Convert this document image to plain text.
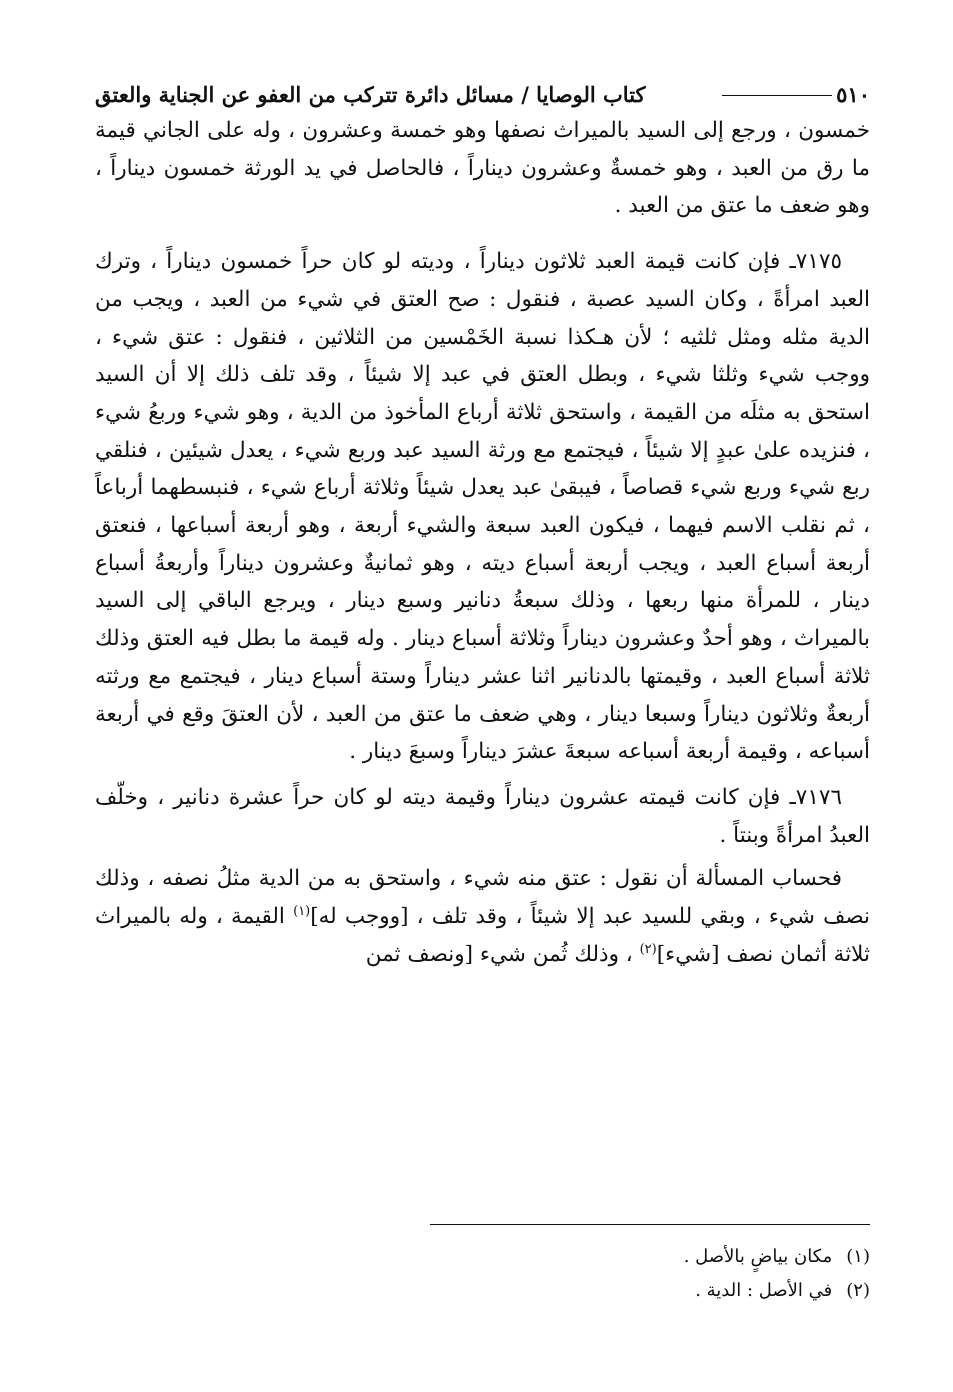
٥١٠
كتاب الوصايا / مسائل دائرة تتركب من العفو عن الجناية والعتق

خمسون ، ورجع إلى السيد بالميراث نصفها وهو خمسة وعشرون ، وله على الجاني قيمة ما رق من العبد ، وهو خمسةٌ وعشرون ديناراً ، فالحاصل في يد الورثة خمسون ديناراً ، وهو ضعف ما عتق من العبد .

٧١٧٥ـ فإن كانت قيمة العبد ثلاثون ديناراً ، وديته لو كان حراً خمسون ديناراً ، وترك العبد امرأةً ، وكان السيد عصبة ، فنقول : صح العتق في شيء من العبد ، ويجب من الدية مثله ومثل ثلثيه ؛ لأن هـكذا نسبة الخَمْسين من الثلاثين ، فنقول : عتق شيء ، ووجب شيء وثلثا شيء ، وبطل العتق في عبد إلا شيئاً ، وقد تلف ذلك إلا أن السيد استحق به مثلَه من القيمة ، واستحق ثلاثة أرباع المأخوذ من الدية ، وهو شيء وربعُ شيء ، فنزيده علىٰ عبدٍ إلا شيئاً ، فيجتمع مع ورثة السيد عبد وربع شيء ، يعدل شيئين ، فنلقي ربع شيء وربع شيء قصاصاً ، فيبقىٰ عبد يعدل شيئاً وثلاثة أرباع شيء ، فنبسطهما أرباعاً ، ثم نقلب الاسم فيهما ، فيكون العبد سبعة والشيء أربعة ، وهو أربعة أسباعها ، فنعتق أربعة أسباع العبد ، ويجب أربعة أسباع ديته ، وهو ثمانيةٌ وعشرون ديناراً وأربعةُ أسباع دينار ، للمرأة منها ربعها ، وذلك سبعةُ دنانير وسبع دينار ، ويرجع الباقي إلى السيد بالميراث ، وهو أحدٌ وعشرون ديناراً وثلاثة أسباع دينار . وله قيمة ما بطل فيه العتق وذلك ثلاثة أسباع العبد ، وقيمتها بالدنانير اثنا عشر ديناراً وستة أسباع دينار ، فيجتمع مع ورثته أربعةٌ وثلاثون ديناراً وسبعا دينار ، وهي ضعف ما عتق من العبد ، لأن العتقَ وقع في أربعة أسباعه ، وقيمة أربعة أسباعه سبعةَ عشرَ ديناراً وسبعَ دينار .

٧١٧٦ـ فإن كانت قيمته عشرون ديناراً وقيمة ديته لو كان حراً عشرة دنانير ، وخلّف العبدُ امرأةً وبنتاً .

فحساب المسألة أن نقول : عتق منه شيء ، واستحق به من الدية مثلُ نصفه ، وذلك نصف شيء ، وبقي للسيد عبد إلا شيئاً ، وقد تلف ، [ووجب له]$^{(١)}$ القيمة ، وله بالميراث ثلاثة أثمان نصف [شيء]$^{(٢)}$ ، وذلك ثُمن شيء [ونصف ثمن

(١)
مكان بياضٍ بالأصل .
(٢)
في الأصل : الدية .
